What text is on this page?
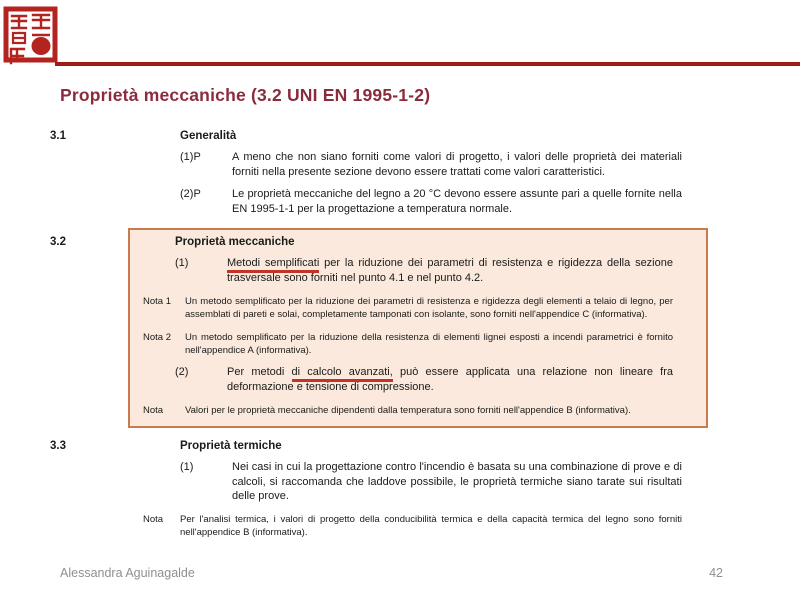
Proprietà meccaniche (3.2 UNI EN 1995-1-2)
3.1	Generalità
(1)P	A meno che non siano forniti come valori di progetto, i valori delle proprietà dei materiali forniti nella presente sezione devono essere trattati come valori caratteristici.
(2)P	Le proprietà meccaniche del legno a 20 °C devono essere assunte pari a quelle fornite nella EN 1995-1-1 per la progettazione a temperatura normale.
3.2	Proprietà meccaniche
(1)	Metodi semplificati per la riduzione dei parametri di resistenza e rigidezza della sezione trasversale sono forniti nel punto 4.1 e nel punto 4.2.
Nota 1	Un metodo semplificato per la riduzione dei parametri di resistenza e rigidezza degli elementi a telaio di legno, per assemblati di pareti e solai, completamente tamponati con isolante, sono forniti nell'appendice C (informativa).
Nota 2	Un metodo semplificato per la riduzione della resistenza di elementi lignei esposti a incendi parametrici è fornito nell'appendice A (informativa).
(2)	Per metodi di calcolo avanzati, può essere applicata una relazione non lineare fra deformazione e tensione di compressione.
Nota	Valori per le proprietà meccaniche dipendenti dalla temperatura sono forniti nell'appendice B (informativa).
3.3	Proprietà termiche
(1)	Nei casi in cui la progettazione contro l'incendio è basata su una combinazione di prove e di calcoli, si raccomanda che laddove possibile, le proprietà termiche siano tarate sui risultati delle prove.
Nota	Per l'analisi termica, i valori di progetto della conducibilità termica e della capacità termica del legno sono forniti nell'appendice B (informativa).
Alessandra Aguinagalde	42
